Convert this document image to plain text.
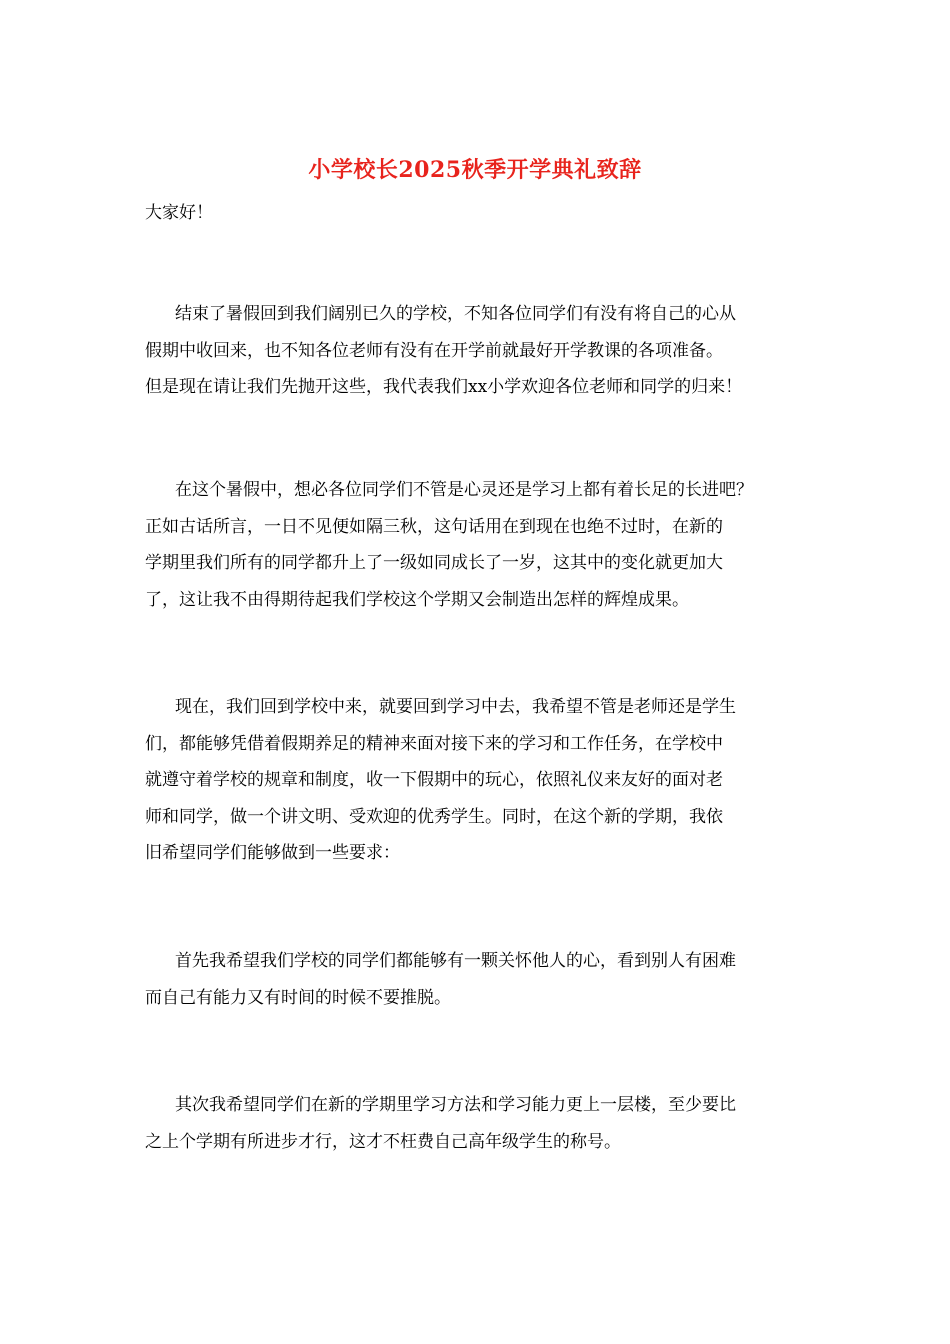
小学校长2025秋季开学典礼致辞
大家好！
结束了暑假回到我们阔别已久的学校，不知各位同学们有没有将自己的心从
假期中收回来，也不知各位老师有没有在开学前就最好开学教课的各项准备。
但是现在请让我们先抛开这些，我代表我们xx小学欢迎各位老师和同学的归来！
在这个暑假中，想必各位同学们不管是心灵还是学习上都有着长足的长进吧？
正如古话所言，一日不见便如隔三秋，这句话用在到现在也绝不过时，在新的
学期里我们所有的同学都升上了一级如同成长了一岁，这其中的变化就更加大
了，这让我不由得期待起我们学校这个学期又会制造出怎样的辉煌成果。
现在，我们回到学校中来，就要回到学习中去，我希望不管是老师还是学生
们，都能够凭借着假期养足的精神来面对接下来的学习和工作任务，在学校中
就遵守着学校的规章和制度，收一下假期中的玩心，依照礼仪来友好的面对老
师和同学，做一个讲文明、受欢迎的优秀学生。同时，在这个新的学期，我依
旧希望同学们能够做到一些要求：
首先我希望我们学校的同学们都能够有一颗关怀他人的心，看到别人有困难
而自己有能力又有时间的时候不要推脱。
其次我希望同学们在新的学期里学习方法和学习能力更上一层楼，至少要比
之上个学期有所进步才行，这才不枉费自己高年级学生的称号。
